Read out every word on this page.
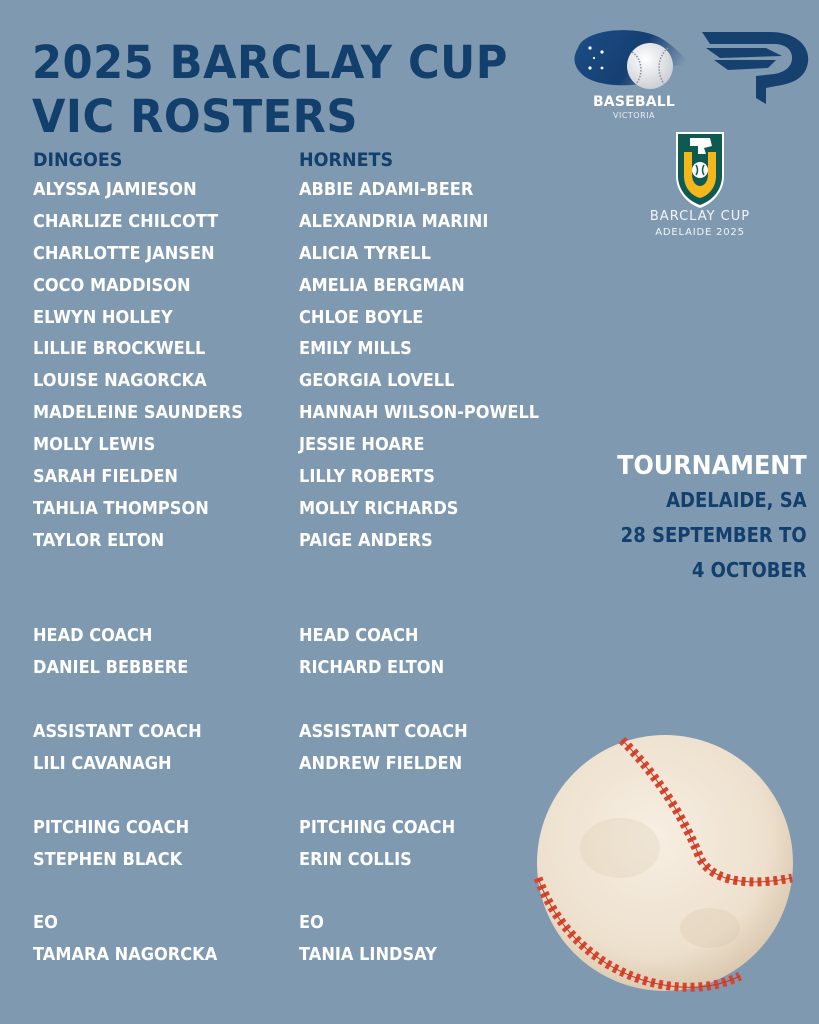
2025 BARCLAY CUP
VIC ROSTERS	BASEBALL
VICTORIA
BARCLAY CUP
ADELAIDE 2025
DINGOES
ALYSSA JAMIESON
CHARLIZE CHILCOTT
CHARLOTTE JANSEN
COCO MADDISON
ELWYN HOLLEY
LILLIE BROCKWELL
LOUISE NAGORCKA
MADELEINE SAUNDERS
MOLLY LEWIS
SARAH FIELDEN
TAHLIA THOMPSON
TAYLOR ELTON
HORNETS
ABBIE ADAMI-BEER
ALEXANDRIA MARINI
ALICIA TYRELL
AMELIA BERGMAN
CHLOE BOYLE
EMILY MILLS
GEORGIA LOVELL
HANNAH WILSON-POWELL
JESSIE HOARE
LILLY ROBERTS
MOLLY RICHARDS
PAIGE ANDERS
TOURNAMENT
ADELAIDE, SA
28 SEPTEMBER TO
4 OCTOBER
HEAD COACH
DANIEL BEBBERE
ASSISTANT COACH
LILI CAVANAGH
PITCHING COACH
STEPHEN BLACK
EO
TAMARA NAGORCKA
HEAD COACH
RICHARD ELTON
ASSISTANT COACH
ANDREW FIELDEN
PITCHING COACH
ERIN COLLIS
EO
TANIA LINDSAY
